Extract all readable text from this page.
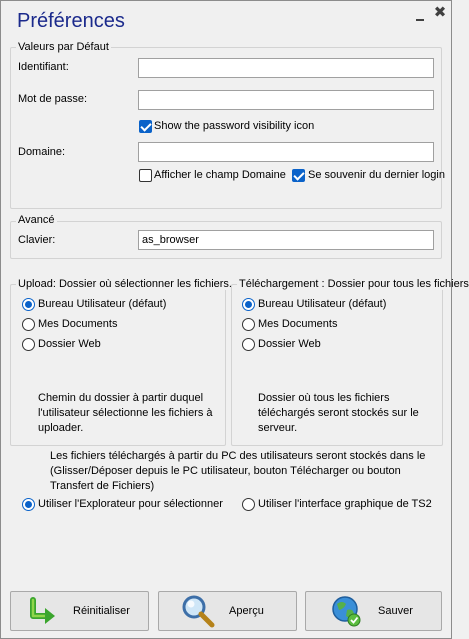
Préférences	✖
Valeurs par Défaut
Identifiant:
Mot de passe:
Show the password visibility icon
Domaine:
Afficher le champ Domaine Se souvenir du dernier login
Avancé
Clavier:
as_browser
Upload: Dossier où sélectionner les fichiers.
Bureau Utilisateur (défaut)
Mes Documents
Dossier Web
Chemin du dossier à partir duquel
l'utilisateur sélectionne les fichiers à
uploader.
Téléchargement : Dossier pour tous les fichiers
Bureau Utilisateur (défaut)
Mes Documents
Dossier Web
Dossier où tous les fichiers
téléchargés seront stockés sur le
serveur.
Les fichiers téléchargés à partir du PC des utilisateurs seront stockés dans le
(Glisser/Déposer depuis le PC utilisateur, bouton Télécharger ou bouton
Transfert de Fichiers)
Utiliser l'Explorateur pour sélectionner	Utiliser l'interface graphique de TS2
Réinitialiser	Aperçu	Sauver
